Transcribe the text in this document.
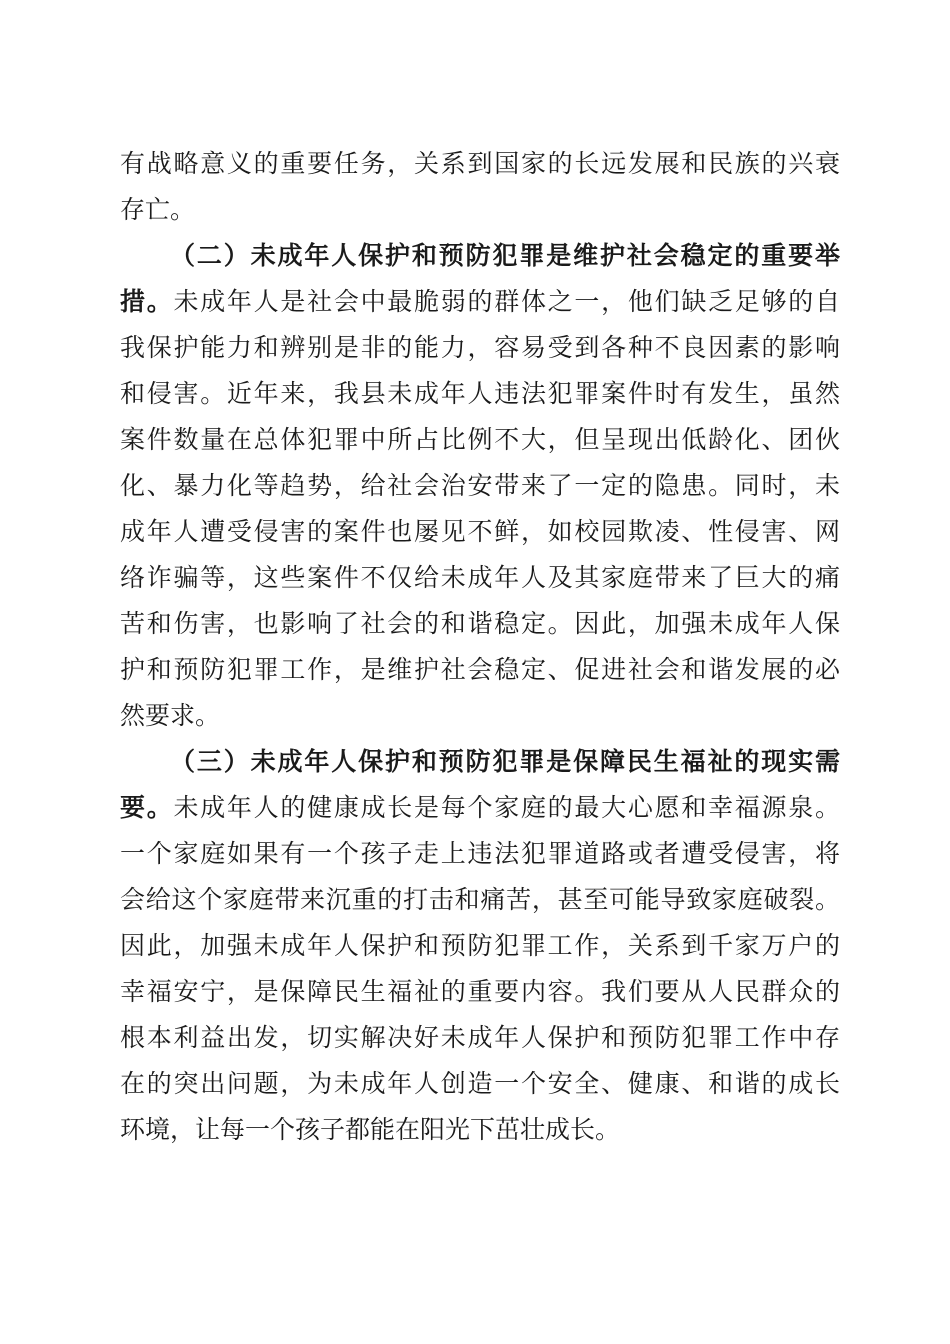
有战略意义的重要任务，关系到国家的长远发展和民族的兴衰
存亡。
（二）未成年人保护和预防犯罪是维护社会稳定的重要举
措。未成年人是社会中最脆弱的群体之一，他们缺乏足够的自
我保护能力和辨别是非的能力，容易受到各种不良因素的影响
和侵害。近年来，我县未成年人违法犯罪案件时有发生，虽然
案件数量在总体犯罪中所占比例不大，但呈现出低龄化、团伙
化、暴力化等趋势，给社会治安带来了一定的隐患。同时，未
成年人遭受侵害的案件也屡见不鲜，如校园欺凌、性侵害、网
络诈骗等，这些案件不仅给未成年人及其家庭带来了巨大的痛
苦和伤害，也影响了社会的和谐稳定。因此，加强未成年人保
护和预防犯罪工作，是维护社会稳定、促进社会和谐发展的必
然要求。
（三）未成年人保护和预防犯罪是保障民生福祉的现实需
要。未成年人的健康成长是每个家庭的最大心愿和幸福源泉。
一个家庭如果有一个孩子走上违法犯罪道路或者遭受侵害，将
会给这个家庭带来沉重的打击和痛苦，甚至可能导致家庭破裂。
因此，加强未成年人保护和预防犯罪工作，关系到千家万户的
幸福安宁，是保障民生福祉的重要内容。我们要从人民群众的
根本利益出发，切实解决好未成年人保护和预防犯罪工作中存
在的突出问题，为未成年人创造一个安全、健康、和谐的成长
环境，让每一个孩子都能在阳光下茁壮成长。
